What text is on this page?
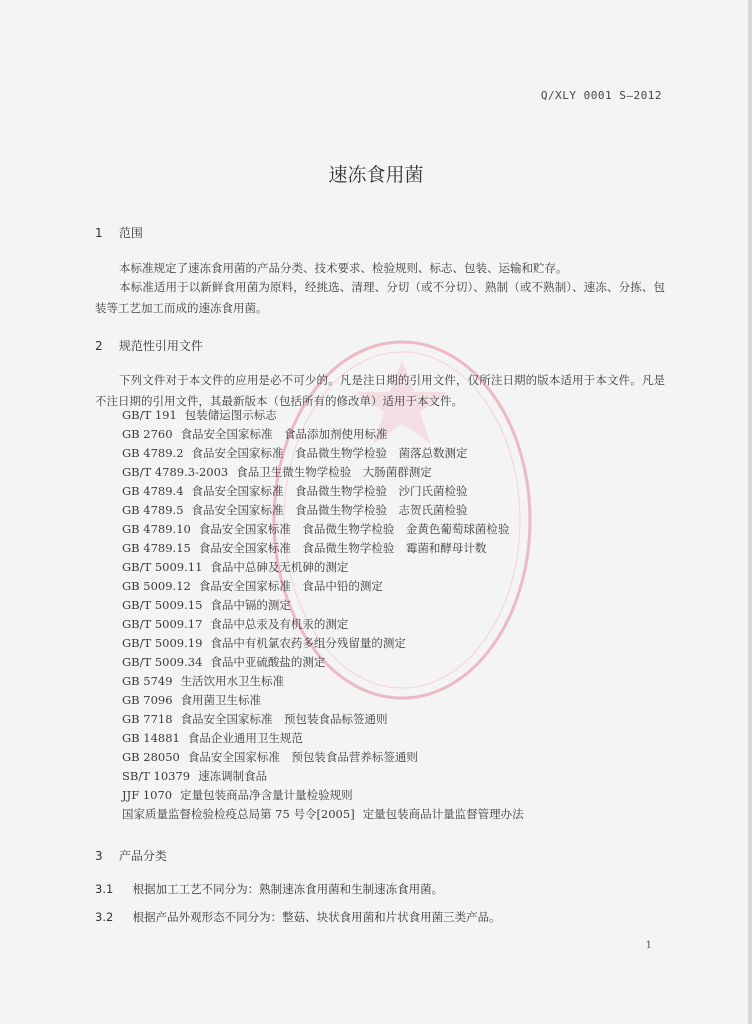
Q/XLY 0001 S—2012
速冻食用菌
1 范围
本标准规定了速冻食用菌的产品分类、技术要求、检验规则、标志、包装、运输和贮存。
本标准适用于以新鲜食用菌为原料，经挑选、清理、分切（或不分切）、熟制（或不熟制）、速冻、分拣、包装等工艺加工而成的速冻食用菌。
2 规范性引用文件
下列文件对于本文件的应用是必不可少的。凡是注日期的引用文件，仅所注日期的版本适用于本文件。凡是不注日期的引用文件，其最新版本（包括所有的修改单）适用于本文件。
GB/T 191 包装储运图示标志
GB 2760 食品安全国家标准　食品添加剂使用标准
GB 4789.2 食品安全国家标准　食品微生物学检验　菌落总数测定
GB/T 4789.3-2003 食品卫生微生物学检验　大肠菌群测定
GB 4789.4 食品安全国家标准　食品微生物学检验　沙门氏菌检验
GB 4789.5 食品安全国家标准　食品微生物学检验　志贺氏菌检验
GB 4789.10 食品安全国家标准　食品微生物学检验　金黄色葡萄球菌检验
GB 4789.15 食品安全国家标准　食品微生物学检验　霉菌和酵母计数
GB/T 5009.11 食品中总砷及无机砷的测定
GB 5009.12 食品安全国家标准　食品中铅的测定
GB/T 5009.15 食品中镉的测定
GB/T 5009.17 食品中总汞及有机汞的测定
GB/T 5009.19 食品中有机氯农药多组分残留量的测定
GB/T 5009.34 食品中亚硫酸盐的测定
GB 5749 生活饮用水卫生标准
GB 7096 食用菌卫生标准
GB 7718 食品安全国家标准　预包装食品标签通则
GB 14881 食品企业通用卫生规范
GB 28050 食品安全国家标准　预包装食品营养标签通则
SB/T 10379 速冻调制食品
JJF 1070 定量包装商品净含量计量检验规则
国家质量监督检验检疫总局第 75 号令[2005] 定量包装商品计量监督管理办法
3 产品分类
3.1 根据加工工艺不同分为：熟制速冻食用菌和生制速冻食用菌。
3.2 根据产品外观形态不同分为：整菇、块状食用菌和片状食用菌三类产品。
1
